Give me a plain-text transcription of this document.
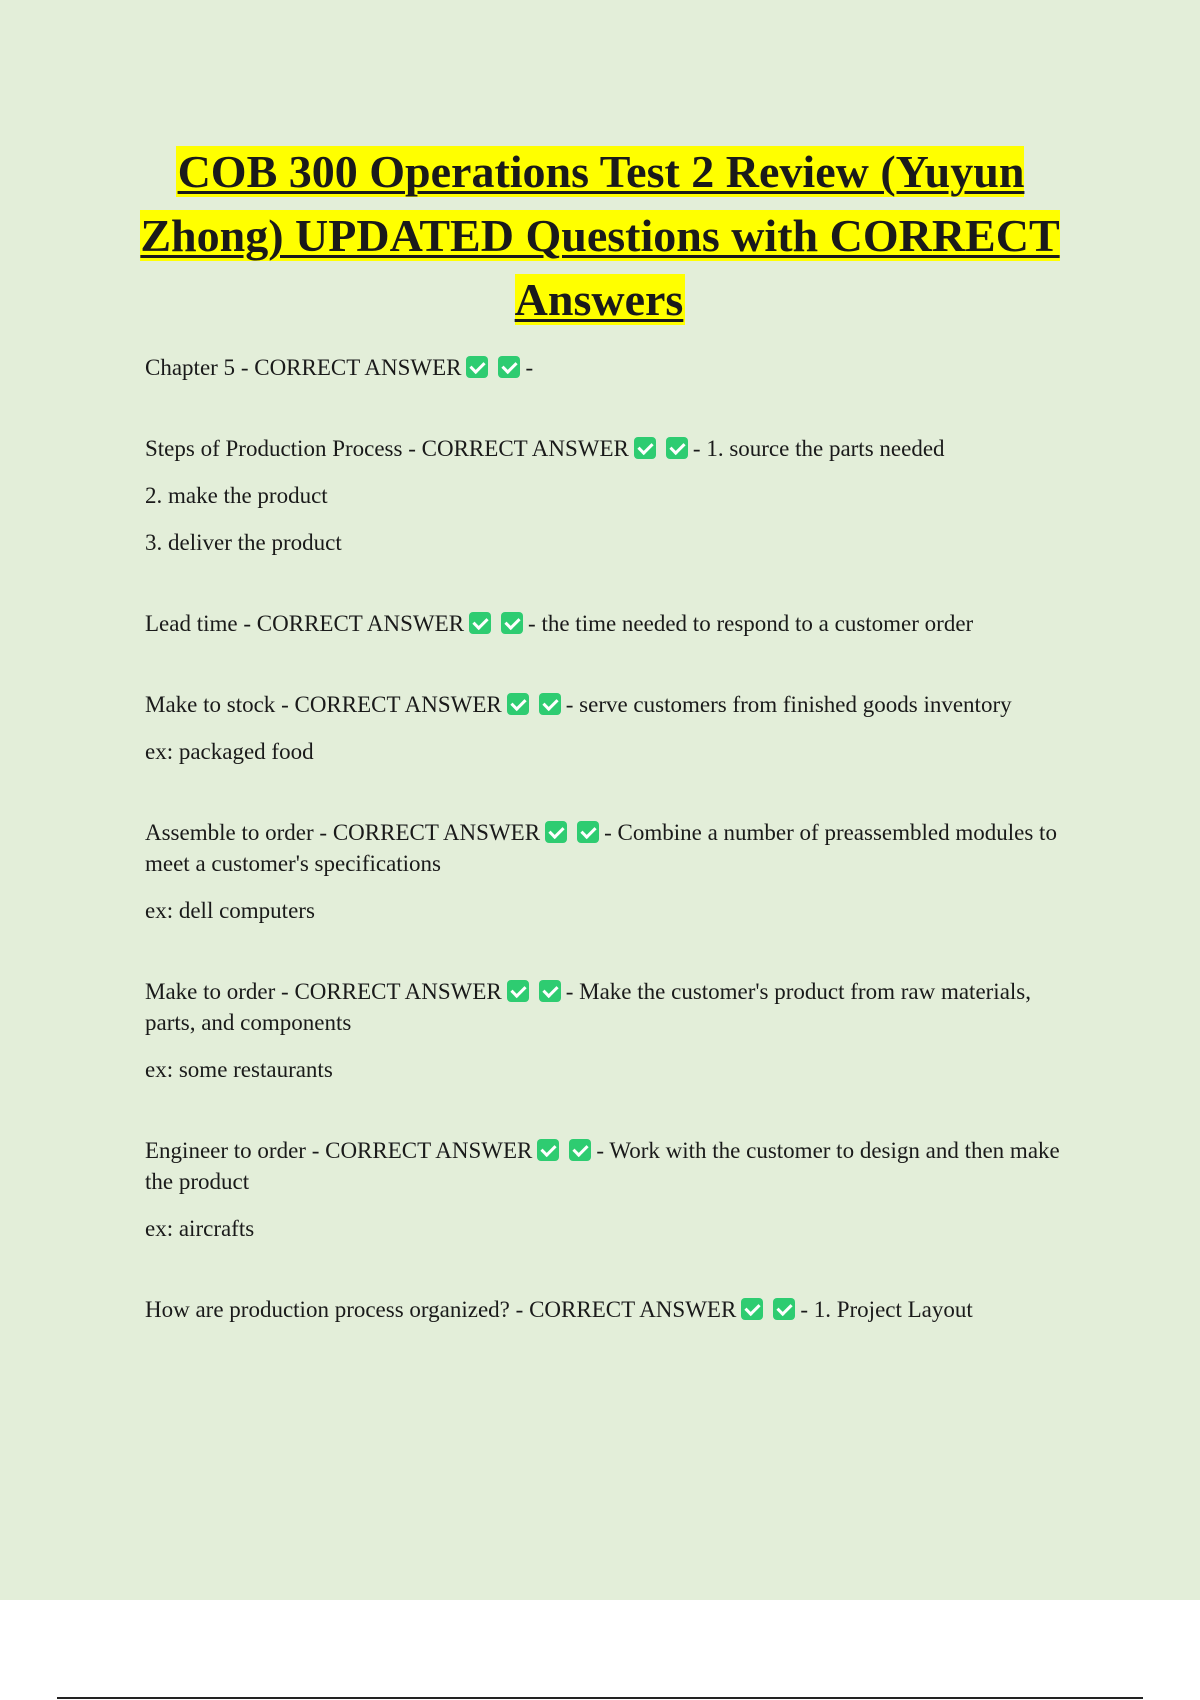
COB 300 Operations Test 2 Review (Yuyun Zhong) UPDATED Questions with CORRECT Answers

Chapter 5 - CORRECT ANSWER	-

Steps of Production Process - CORRECT ANSWER	- 1. source the parts needed

2. make the product

3. deliver the product

Lead time - CORRECT ANSWER	- the time needed to respond to a customer order

Make to stock - CORRECT ANSWER	- serve customers from finished goods inventory

ex: packaged food

Assemble to order - CORRECT ANSWER	- Combine a number of preassembled modules to meet a customer's specifications

ex: dell computers

Make to order - CORRECT ANSWER	- Make the customer's product from raw materials, parts, and components

ex: some restaurants

Engineer to order - CORRECT ANSWER	- Work with the customer to design and then make the product

ex: aircrafts

How are production process organized? - CORRECT ANSWER	- 1. Project Layout
